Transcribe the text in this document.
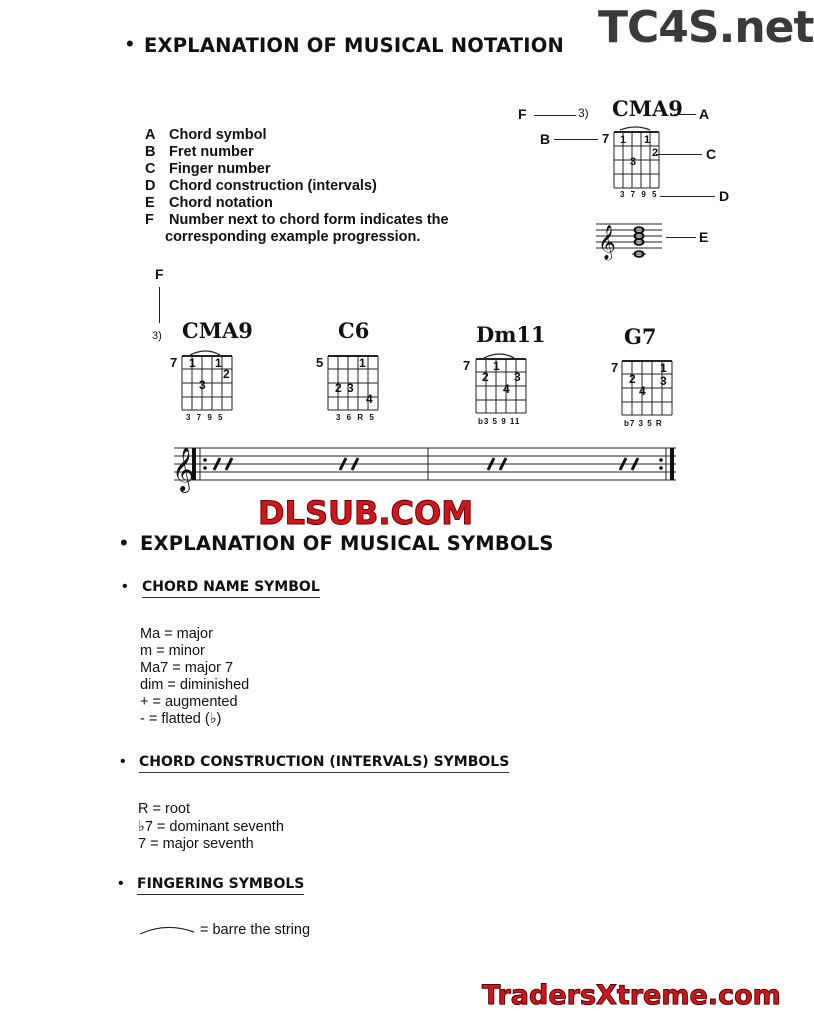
TC4S.net
• EXPLANATION OF MUSICAL NOTATION
A Chord symbol
B Fret number
C Finger number
D Chord construction (intervals)
E Chord notation
F Number next to chord form indicates the
corresponding example progression.
F	3) CMA9 A
B	7 1 1
2
3	C
3 7 9 5	D
𝄞	E
F
3) CMA9
7 1 1
2
3
3 7 9 5
C6
5	1
2 3
4
3 6 R 5
Dm11
7 1
2 3
4
b3 5 9 11
G7
7	1
2 3
4
b7 3 5 R
𝄞
DLSUB.COM
• EXPLANATION OF MUSICAL SYMBOLS
• CHORD NAME SYMBOL
Ma = major
m = minor
Ma7 = major 7
dim = diminished
+ = augmented
- = flatted (♭)
• CHORD CONSTRUCTION (INTERVALS) SYMBOLS
R = root
♭7 = dominant seventh
7 = major seventh
• FINGERING SYMBOLS
= barre the string
TradersXtreme.com
